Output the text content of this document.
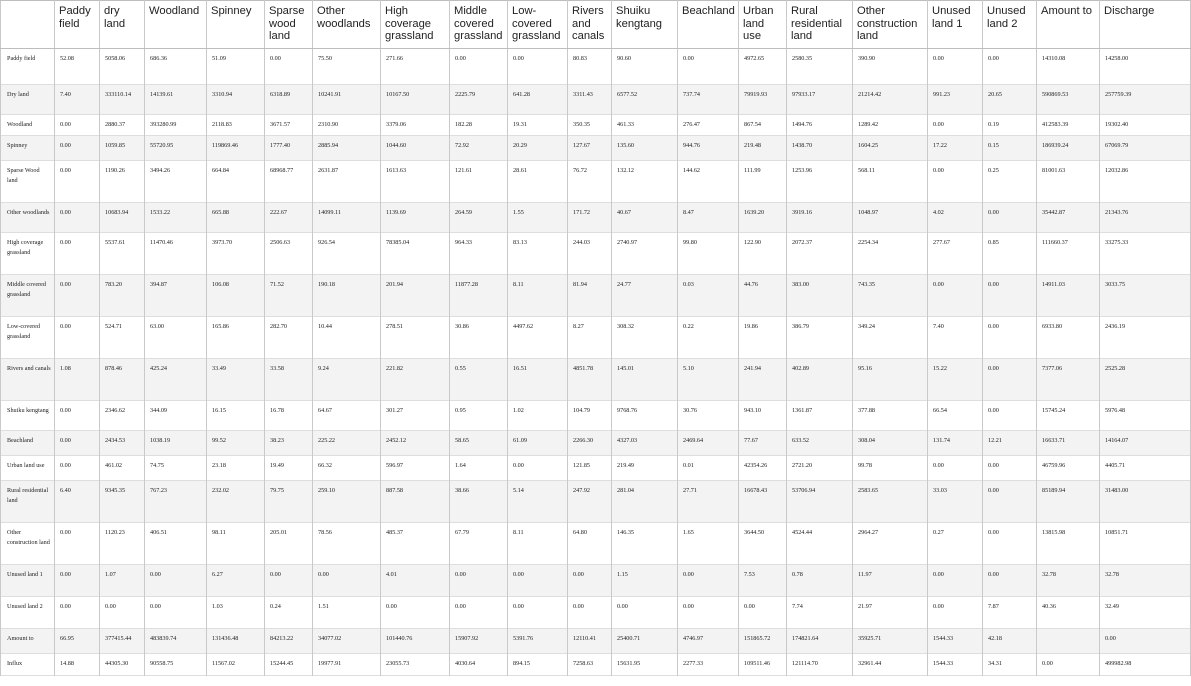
	Paddy field	dry land	Woodland	Spinney	Sparse wood land	Other woodlands	High coverage grassland	Middle covered grassland	Low-covered grassland	Rivers and canals	Shuiku kengtang	Beachland	Urban land use	Rural residential land	Other construction land	Unused land 1	Unused land 2	Amount to	Discharge
Paddy field	52.08	5058.06	686.36	51.09	0.00	75.50	271.66	0.00	0.00	80.83	90.60	0.00	4972.65	2580.35	390.90	0.00	0.00	14310.08	14258.00
Dry land	7.40	333110.14	14139.61	3310.94	6318.89	10241.91	10167.50	2225.79	641.28	3311.43	6577.52	737.74	79919.93	97933.17	21214.42	991.23	20.65	590869.53	257759.39
Woodland	0.00	2880.37	393280.99	2118.83	3671.57	2310.90	3379.06	182.28	19.31	350.35	461.33	276.47	867.54	1494.76	1289.42	0.00	0.19	412583.39	19302.40
Spinney	0.00	1059.85	55720.95	119869.46	1777.40	2885.94	1044.60	72.92	20.29	127.67	135.60	944.76	219.48	1438.70	1604.25	17.22	0.15	186939.24	67069.79
Sparse Wood land	0.00	1190.26	3494.26	664.84	68968.77	2631.87	1613.63	121.61	28.61	76.72	132.12	144.62	111.99	1253.96	568.11	0.00	0.25	81001.63	12032.86
Other woodlands	0.00	10683.94	1533.22	665.88	222.67	14099.11	1139.69	264.59	1.55	171.72	40.67	8.47	1639.20	3919.16	1048.97	4.02	0.00	35442.87	21343.76
High coverage grassland	0.00	5537.61	11470.46	3973.70	2506.63	926.54	78385.04	964.33	83.13	244.03	2740.97	99.80	122.90	2072.37	2254.34	277.67	0.85	111660.37	33275.33
Middle covered grassland	0.00	783.20	394.87	106.08	71.52	190.18	201.94	11877.28	8.11	81.94	24.77	0.03	44.76	383.00	743.35	0.00	0.00	14911.03	3033.75
Low-covered grassland	0.00	524.71	63.00	165.86	282.70	10.44	278.51	30.86	4497.62	8.27	308.32	0.22	19.86	386.79	349.24	7.40	0.00	6933.80	2436.19
Rivers and canals	1.08	878.46	425.24	33.49	33.58	9.24	221.82	0.55	16.51	4851.78	145.01	5.10	241.94	402.89	95.16	15.22	0.00	7377.06	2525.28
Shuiku kengtang	0.00	2346.62	344.09	16.15	16.78	64.67	301.27	0.95	1.02	104.79	9768.76	30.76	943.10	1361.87	377.88	66.54	0.00	15745.24	5976.48
Beachland	0.00	2434.53	1038.19	99.52	38.23	225.22	2452.12	58.65	61.09	2266.30	4327.03	2469.64	77.67	633.52	308.04	131.74	12.21	16633.71	14164.07
Urban land use	0.00	461.02	74.75	23.18	19.49	66.32	596.97	1.64	0.00	121.85	219.49	0.01	42354.26	2721.20	99.78	0.00	0.00	46759.96	4405.71
Rural residential land	6.40	9345.35	767.23	232.02	79.75	259.10	887.58	38.66	5.14	247.92	281.04	27.71	16678.43	53706.94	2583.65	33.03	0.00	85189.94	31483.00
Other construction land	0.00	1120.23	406.51	98.11	205.01	78.56	485.37	67.79	8.11	64.80	146.35	1.65	3644.50	4524.44	2964.27	0.27	0.00	13815.98	10851.71
Unused land 1	0.00	1.07	0.00	6.27	0.00	0.00	4.01	0.00	0.00	0.00	1.15	0.00	7.53	0.78	11.97	0.00	0.00	32.78	32.78
Unused land 2	0.00	0.00	0.00	1.03	0.24	1.51	0.00	0.00	0.00	0.00	0.00	0.00	0.00	7.74	21.97	0.00	7.87	40.36	32.49
Amount to	66.95	377415.44	483839.74	131436.48	84213.22	34077.02	101440.76	15907.92	5391.76	12110.41	25400.71	4746.97	151865.72	174821.64	35925.71	1544.33	42.18		0.00
Influx	14.88	44305.30	90558.75	11567.02	15244.45	19977.91	23055.73	4030.64	894.15	7258.63	15631.95	2277.33	109511.46	121114.70	32961.44	1544.33	34.31	0.00	499982.98
